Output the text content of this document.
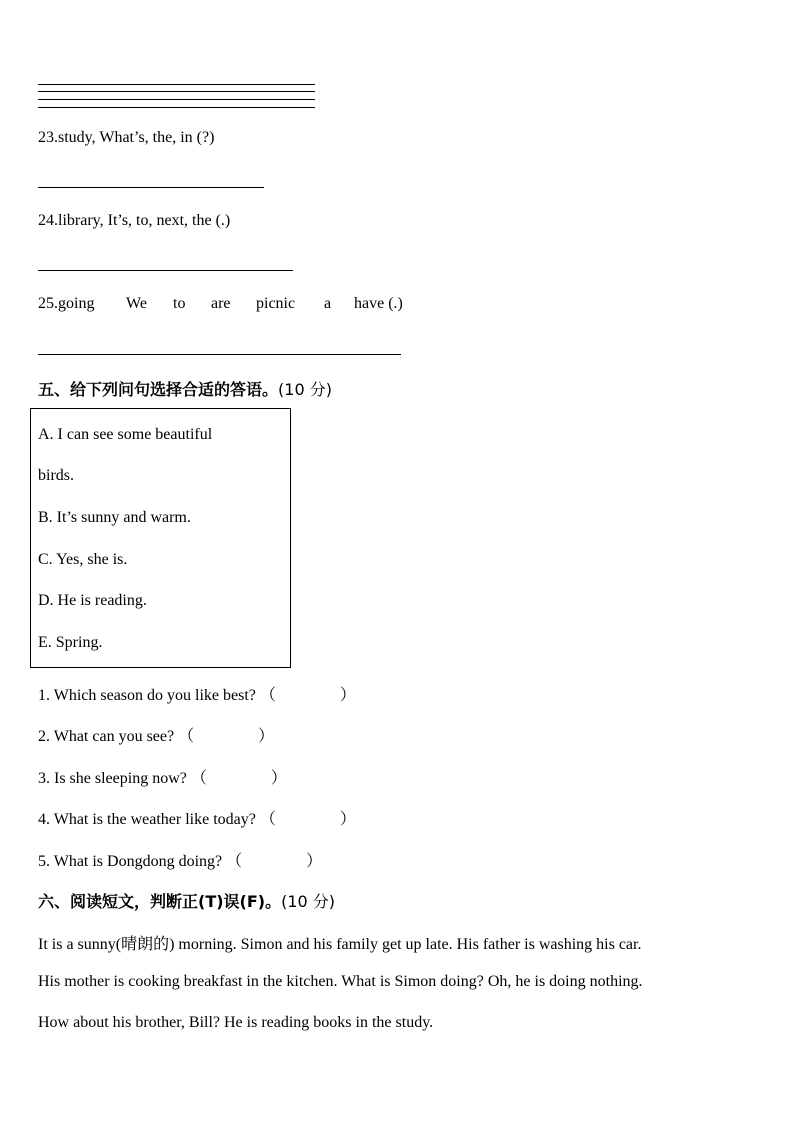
23.study, What’s, the, in (?)
24.library, It’s, to, next, the (.)
25.going We to are picnic a have (.)
五、给下列问句选择合适的答语。(10 分)
A. I can see some beautiful
birds.
B. It’s sunny and warm.
C. Yes, she is.
D. He is reading.
E. Spring.
1. Which season do you like best? （　　　　）
2. What can you see? （　　　　）
3. Is she sleeping now? （　　　　）
4. What is the weather like today? （　　　　）
5. What is Dongdong doing? （　　　　）
六、阅读短文，判断正(T)误(F)。(10 分)
It is a sunny(晴朗的) morning. Simon and his family get up late. His father is washing his car.
His mother is cooking breakfast in the kitchen. What is Simon doing? Oh, he is doing nothing.
How about his brother, Bill? He is reading books in the study.
